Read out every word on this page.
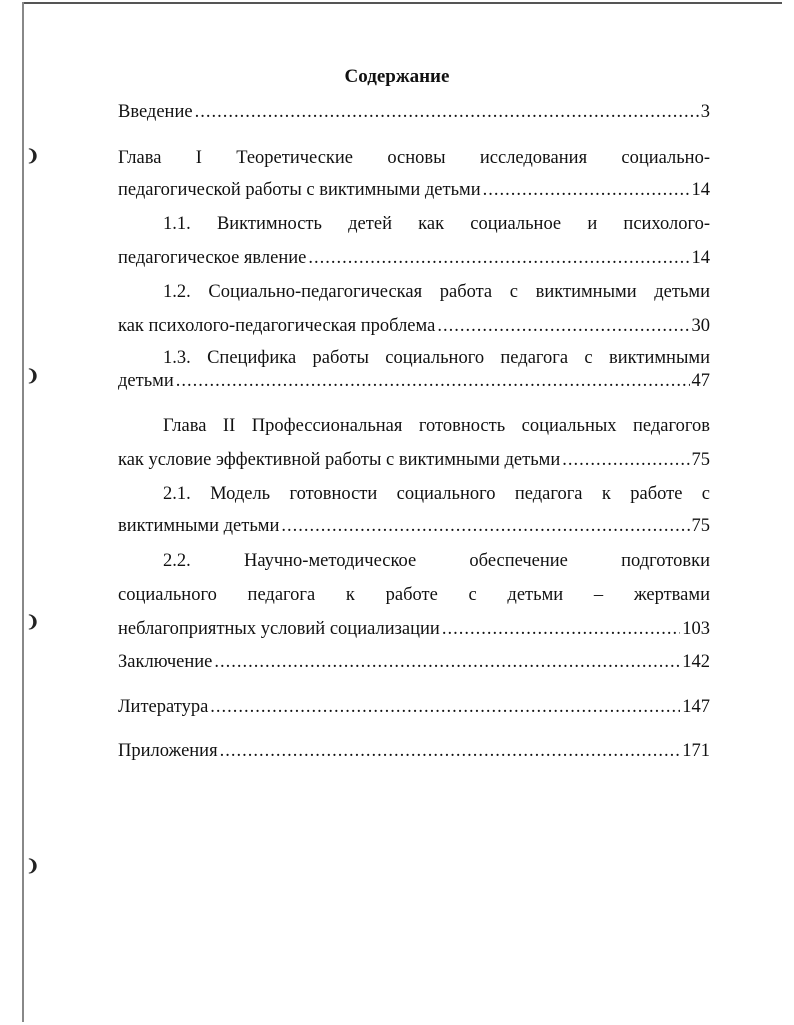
❩
❩
❩
❩
Содержание
Введение .....	3
Глава I Теоретические основы исследования социально-
педагогической работы с виктимными детьми .....	14
1.1. Виктимность детей как социальное и психолого-
педагогическое явление .....	14
1.2. Социально-педагогическая работа с виктимными детьми
как психолого-педагогическая проблема .....	30
1.3. Специфика работы социального педагога с виктимными
детьми .....	47
Глава II Профессиональная готовность социальных педагогов
как условие эффективной работы с виктимными детьми .....	75
2.1. Модель готовности социального педагога к работе с
виктимными детьми .....	75
2.2. Научно-методическое обеспечение подготовки
социального педагога к работе с детьми – жертвами
неблагоприятных условий социализации .....	103
Заключение .....	142
Литература .....	147
Приложения .....	171
